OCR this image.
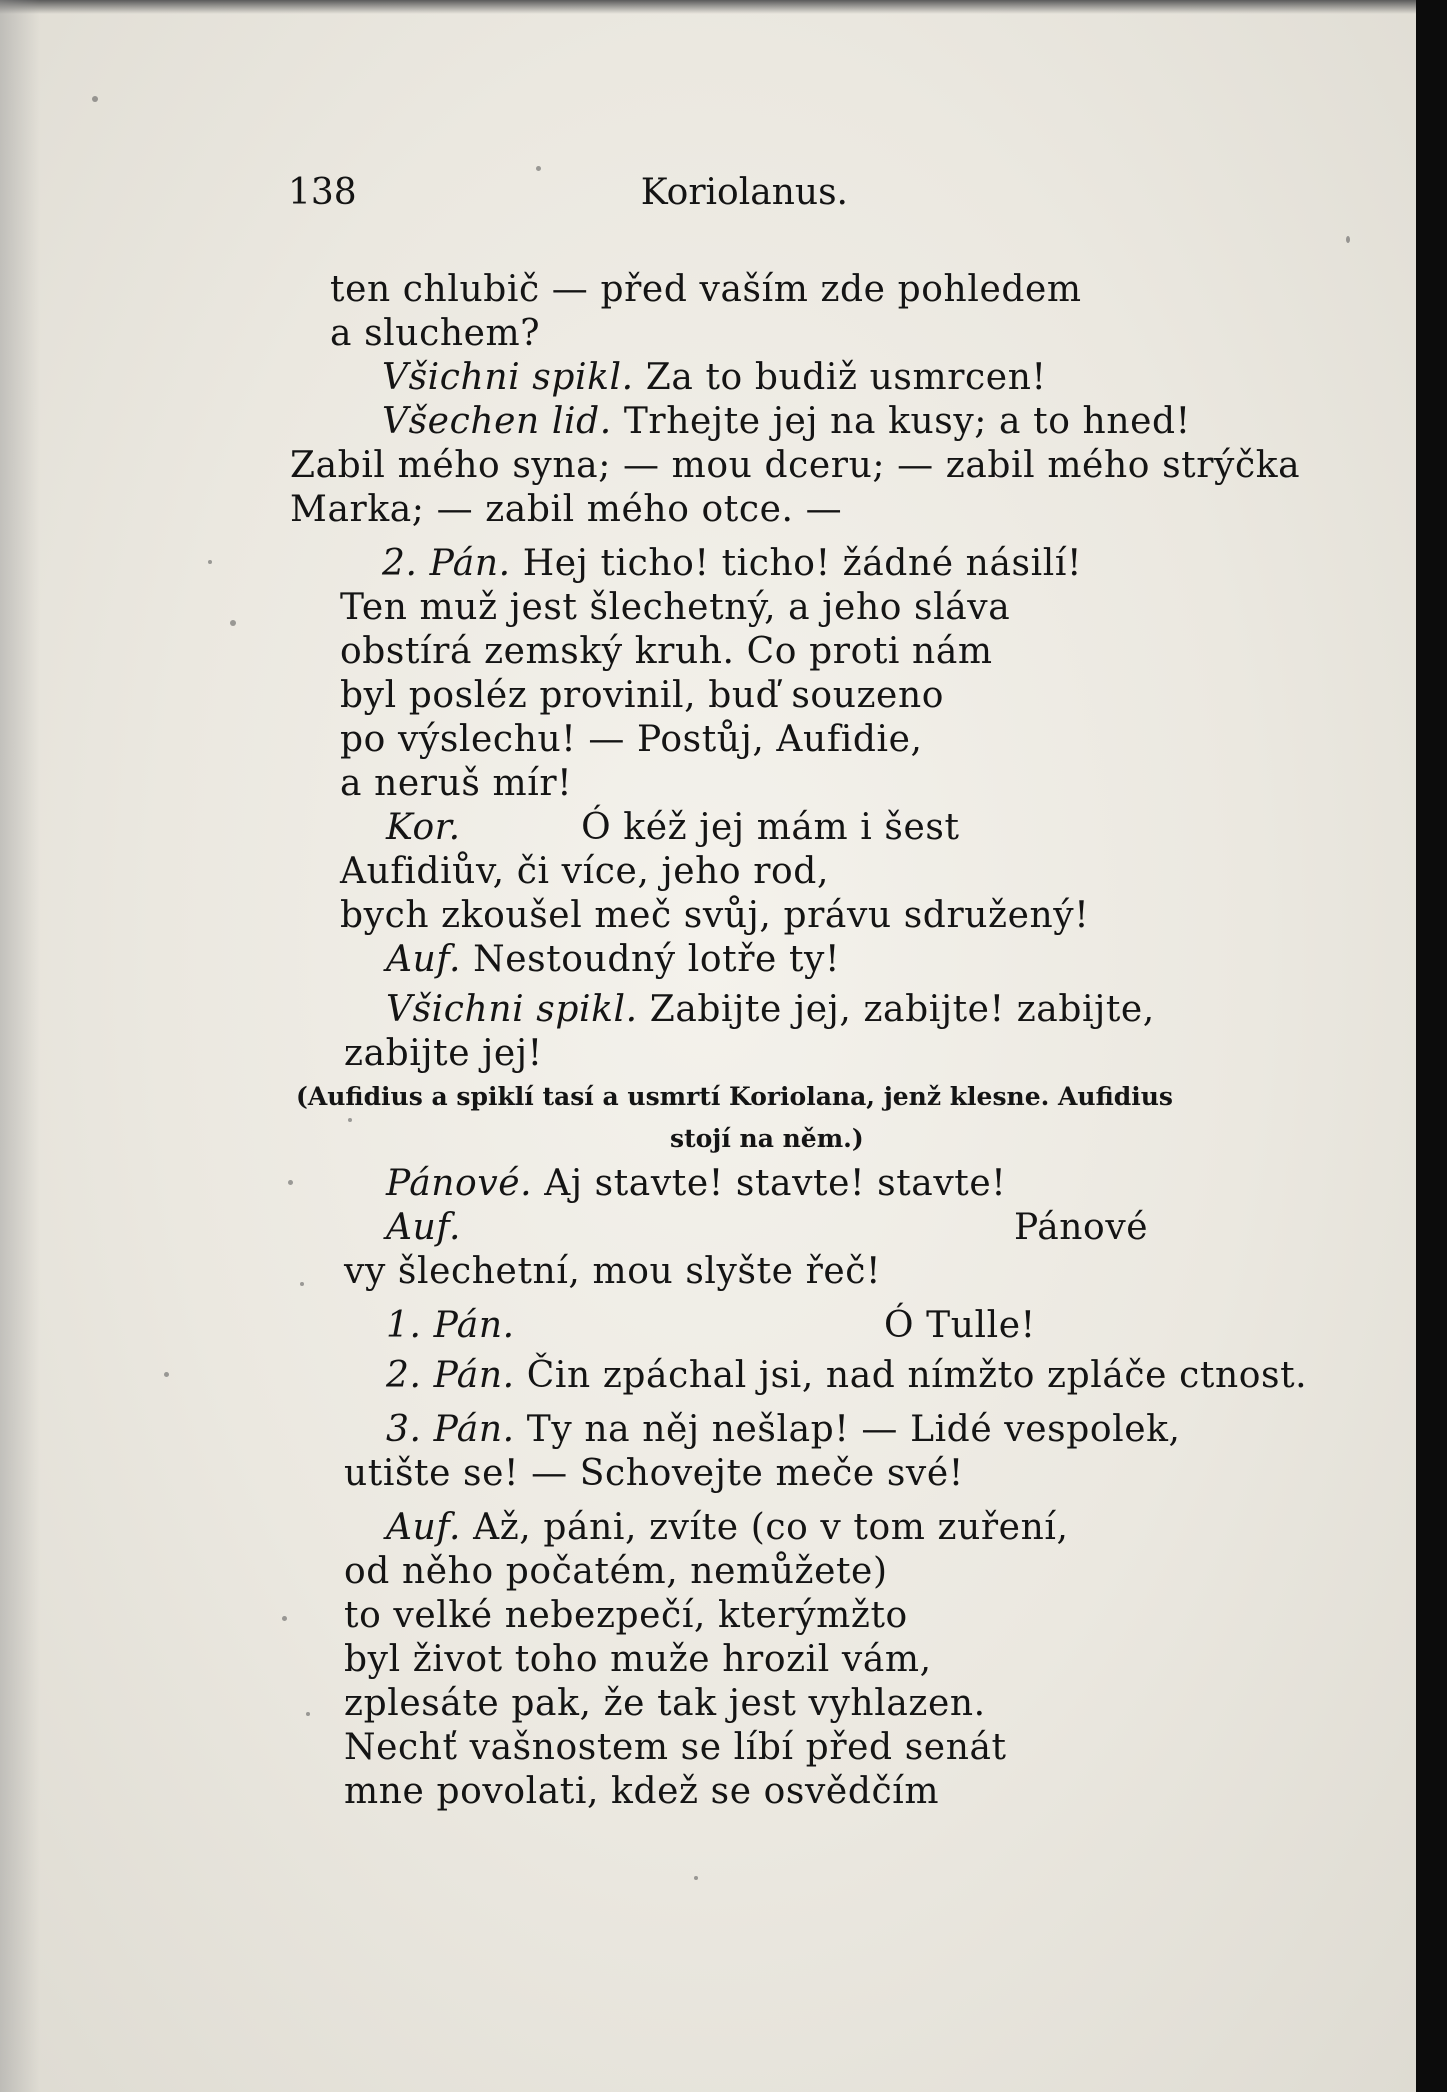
138	Koriolanus.
ten chlubič — před vaším zde pohledem
a sluchem?
Všichni spikl. Za to budiž usmrcen!
Všechen lid. Trhejte jej na kusy; a to hned!
Zabil mého syna; — mou dceru; — zabil mého strýčka
Marka; — zabil mého otce. —
2. Pán. Hej ticho! ticho! žádné násilí!
Ten muž jest šlechetný, a jeho sláva
obstírá zemský kruh. Co proti nám
byl posléz provinil, buď souzeno
po výslechu! — Postůj, Aufidie,
a neruš mír!
Kor.          Ó kéž jej mám i šest
Aufidiův, či více, jeho rod,
bych zkoušel meč svůj, právu sdružený!
Auf. Nestoudný lotře ty!
Všichni spikl. Zabijte jej, zabijte! zabijte,
zabijte jej!
(Aufidius a spiklí tasí a usmrtí Koriolana, jenž klesne. Aufidius
stojí na něm.)
Pánové. Aj stavte! stavte! stavte!
Auf.	Pánové
vy šlechetní, mou slyšte řeč!
1. Pán.	Ó Tulle!
2. Pán. Čin zpáchal jsi, nad nímžto zpláče ctnost.
3. Pán. Ty na něj nešlap! — Lidé vespolek,
utište se! — Schovejte meče své!
Auf. Až, páni, zvíte (co v tom zuření,
od něho počatém, nemůžete)
to velké nebezpečí, kterýmžto
byl život toho muže hrozil vám,
zplesáte pak, že tak jest vyhlazen.
Nechť vašnostem se líbí před senát
mne povolati, kdež se osvědčím
